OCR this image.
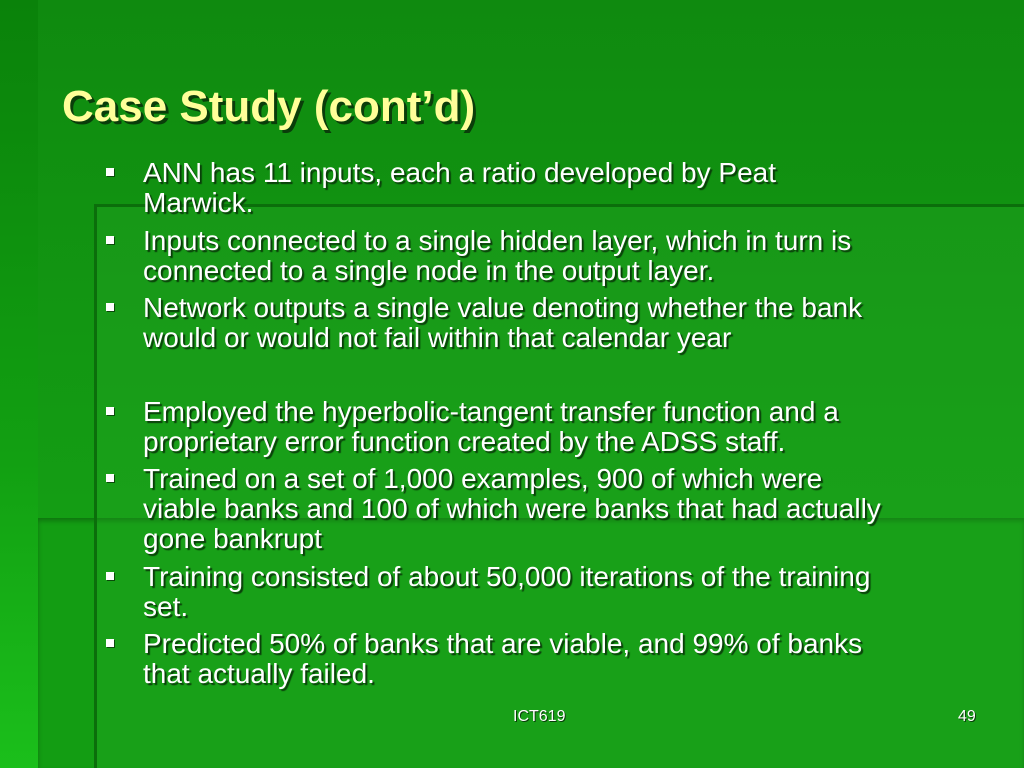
Case Study (cont’d)
ANN has 11 inputs, each a ratio developed by Peat
Marwick.
Inputs connected to a single hidden layer, which in turn is
connected to a single node in the output layer.
Network outputs a single value denoting whether the bank
would or would not fail within that calendar year
Employed the hyperbolic-tangent transfer function and a
proprietary error function created by the ADSS staff.
Trained on a set of 1,000 examples, 900 of which were
viable banks and 100 of which were banks that had actually
gone bankrupt
Training consisted of about 50,000 iterations of the training
set.
Predicted 50% of banks that are viable, and 99% of banks
that actually failed.
ICT619	49
